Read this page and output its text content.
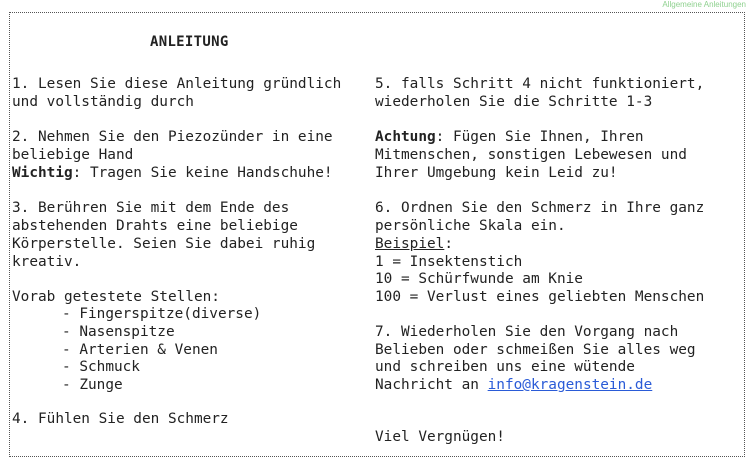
Allgemeine Anleitungen
ANLEITUNG

1. Lesen Sie diese Anleitung gründlich

und vollständig durch

2. Nehmen Sie den Piezozünder in eine

beliebige Hand

Wichtig: Tragen Sie keine Handschuhe!

3. Berühren Sie mit dem Ende des

abstehenden Drahts eine beliebige

Körperstelle. Seien Sie dabei ruhig

kreativ.

Vorab getestete Stellen:

- Fingerspitze(diverse)

- Nasenspitze

- Arterien & Venen

- Schmuck

- Zunge

4. Fühlen Sie den Schmerz

5. falls Schritt 4 nicht funktioniert,

wiederholen Sie die Schritte 1-3

Achtung: Fügen Sie Ihnen, Ihren

Mitmenschen, sonstigen Lebewesen und

Ihrer Umgebung kein Leid zu!

6. Ordnen Sie den Schmerz in Ihre ganz

persönliche Skala ein.

Beispiel:

1 = Insektenstich

10 = Schürfwunde am Knie

100 = Verlust eines geliebten Menschen

7. Wiederholen Sie den Vorgang nach

Belieben oder schmeißen Sie alles weg

und schreiben uns eine wütende

Nachricht an info@kragenstein.de

Viel Vergnügen!
